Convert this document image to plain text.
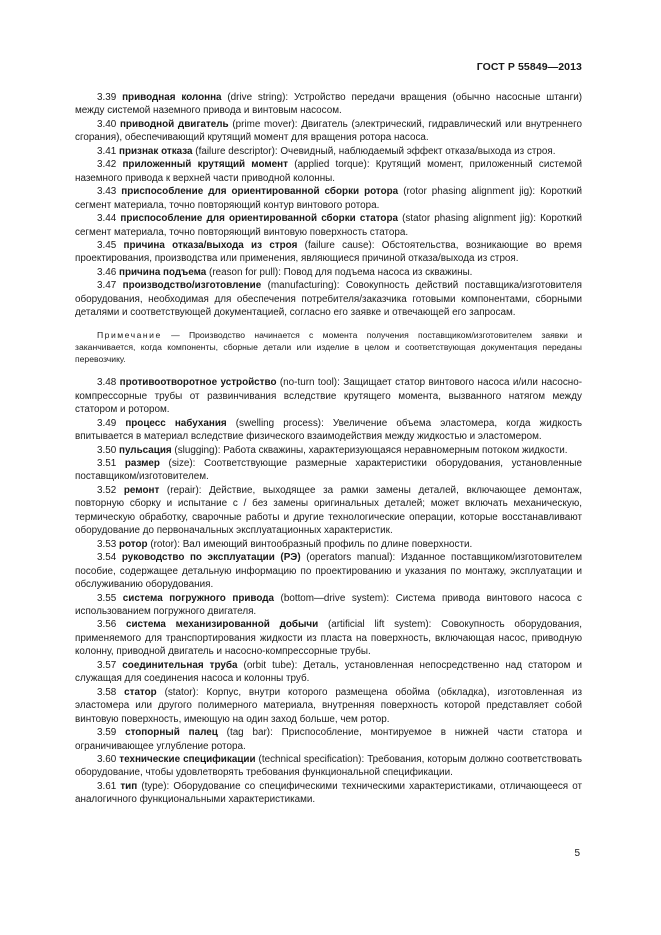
ГОСТ Р 55849—2013

3.39 приводная колонна (drive string): Устройство передачи вращения (обычно насосные штанги) между системой наземного привода и винтовым насосом.

3.40 приводной двигатель (prime mover): Двигатель (электрический, гидравлический или внутреннего сгорания), обеспечивающий крутящий момент для вращения ротора насоса.

3.41 признак отказа (failure descriptor): Очевидный, наблюдаемый эффект отказа/выхода из строя.

3.42 приложенный крутящий момент (applied torque): Крутящий момент, приложенный системой наземного привода к верхней части приводной колонны.

3.43 приспособление для ориентированной сборки ротора (rotor phasing alignment jig): Короткий сегмент материала, точно повторяющий контур винтового ротора.

3.44 приспособление для ориентированной сборки статора (stator phasing alignment jig): Короткий сегмент материала, точно повторяющий винтовую поверхность статора.

3.45 причина отказа/выхода из строя (failure cause): Обстоятельства, возникающие во время проектирования, производства или применения, являющиеся причиной отказа/выхода из строя.

3.46 причина подъема (reason for pull): Повод для подъема насоса из скважины.

3.47 производство/изготовление (manufacturing): Совокупность действий поставщика/изготовителя оборудования, необходимая для обеспечения потребителя/заказчика готовыми компонентами, сборными деталями и соответствующей документацией, согласно его заявке и отвечающей его запросам.

Примечание — Производство начинается с момента получения поставщиком/изготовителем заявки и заканчивается, когда компоненты, сборные детали или изделие в целом и соответствующая документация переданы перевозчику.

3.48 противоотворотное устройство (no-turn tool): Защищает статор винтового насоса и/или насосно-компрессорные трубы от развинчивания вследствие крутящего момента, вызванного натягом между статором и ротором.

3.49 процесс набухания (swelling process): Увеличение объема эластомера, когда жидкость впитывается в материал вследствие физического взаимодействия между жидкостью и эластомером.

3.50 пульсация (slugging): Работа скважины, характеризующаяся неравномерным потоком жидкости.

3.51 размер (size): Соответствующие размерные характеристики оборудования, установленные поставщиком/изготовителем.

3.52 ремонт (repair): Действие, выходящее за рамки замены деталей, включающее демонтаж, повторную сборку и испытание с / без замены оригинальных деталей; может включать механическую, термическую обработку, сварочные работы и другие технологические операции, которые восстанавливают оборудование до первоначальных эксплуатационных характеристик.

3.53 ротор (rotor): Вал имеющий винтообразный профиль по длине поверхности.

3.54 руководство по эксплуатации (РЭ) (operators manual): Изданное поставщиком/изготовителем пособие, содержащее детальную информацию по проектированию и указания по монтажу, эксплуатации и обслуживанию оборудования.

3.55 система погружного привода (bottom—drive system): Система привода винтового насоса с использованием погружного двигателя.

3.56 система механизированной добычи (artificial lift system): Совокупность оборудования, применяемого для транспортирования жидкости из пласта на поверхность, включающая насос, приводную колонну, приводной двигатель и насосно-компрессорные трубы.

3.57 соединительная труба (orbit tube): Деталь, установленная непосредственно над статором и служащая для соединения насоса и колонны труб.

3.58 статор (stator): Корпус, внутри которого размещена обойма (обкладка), изготовленная из эластомера или другого полимерного материала, внутренняя поверхность которой представляет собой винтовую поверхность, имеющую на один заход больше, чем ротор.

3.59 стопорный палец (tag bar): Приспособление, монтируемое в нижней части статора и ограничивающее углубление ротора.

3.60 технические спецификации (technical specification): Требования, которым должно соответствовать оборудование, чтобы удовлетворять требования функциональной спецификации.

3.61 тип (type): Оборудование со специфическими техническими характеристиками, отличающееся от аналогичного функциональными характеристиками.

5
